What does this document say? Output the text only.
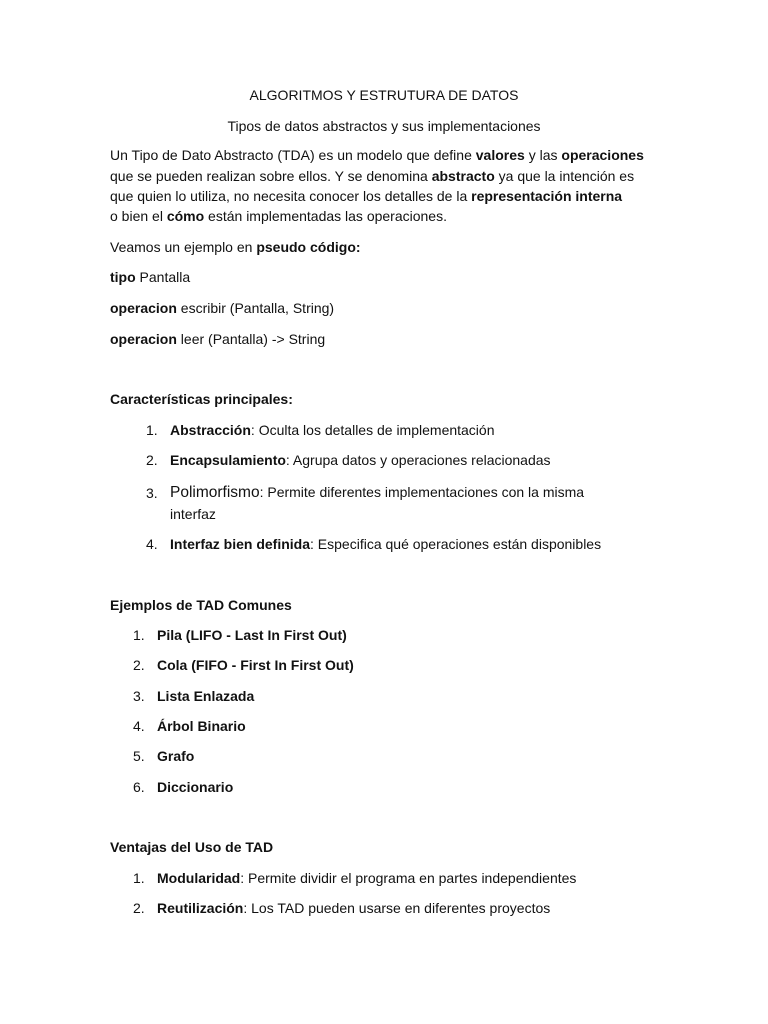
ALGORITMOS Y ESTRUTURA DE DATOS
Tipos de datos abstractos y sus implementaciones
Un Tipo de Dato Abstracto (TDA) es un modelo que define valores y las operaciones
que se pueden realizan sobre ellos. Y se denomina abstracto ya que la intención es
que quien lo utiliza, no necesita conocer los detalles de la representación interna
o bien el cómo están implementadas las operaciones.
Veamos un ejemplo en pseudo código:
tipo Pantalla
operacion escribir (Pantalla, String)
operacion leer (Pantalla) -> String
Características principales:
1. Abstracción: Oculta los detalles de implementación
2. Encapsulamiento: Agrupa datos y operaciones relacionadas
3. Polimorfismo: Permite diferentes implementaciones con la misma
interfaz
4. Interfaz bien definida: Especifica qué operaciones están disponibles
Ejemplos de TAD Comunes
1. Pila (LIFO - Last In First Out)
2. Cola (FIFO - First In First Out)
3. Lista Enlazada
4. Árbol Binario
5. Grafo
6. Diccionario
Ventajas del Uso de TAD
1. Modularidad: Permite dividir el programa en partes independientes
2. Reutilización: Los TAD pueden usarse en diferentes proyectos
